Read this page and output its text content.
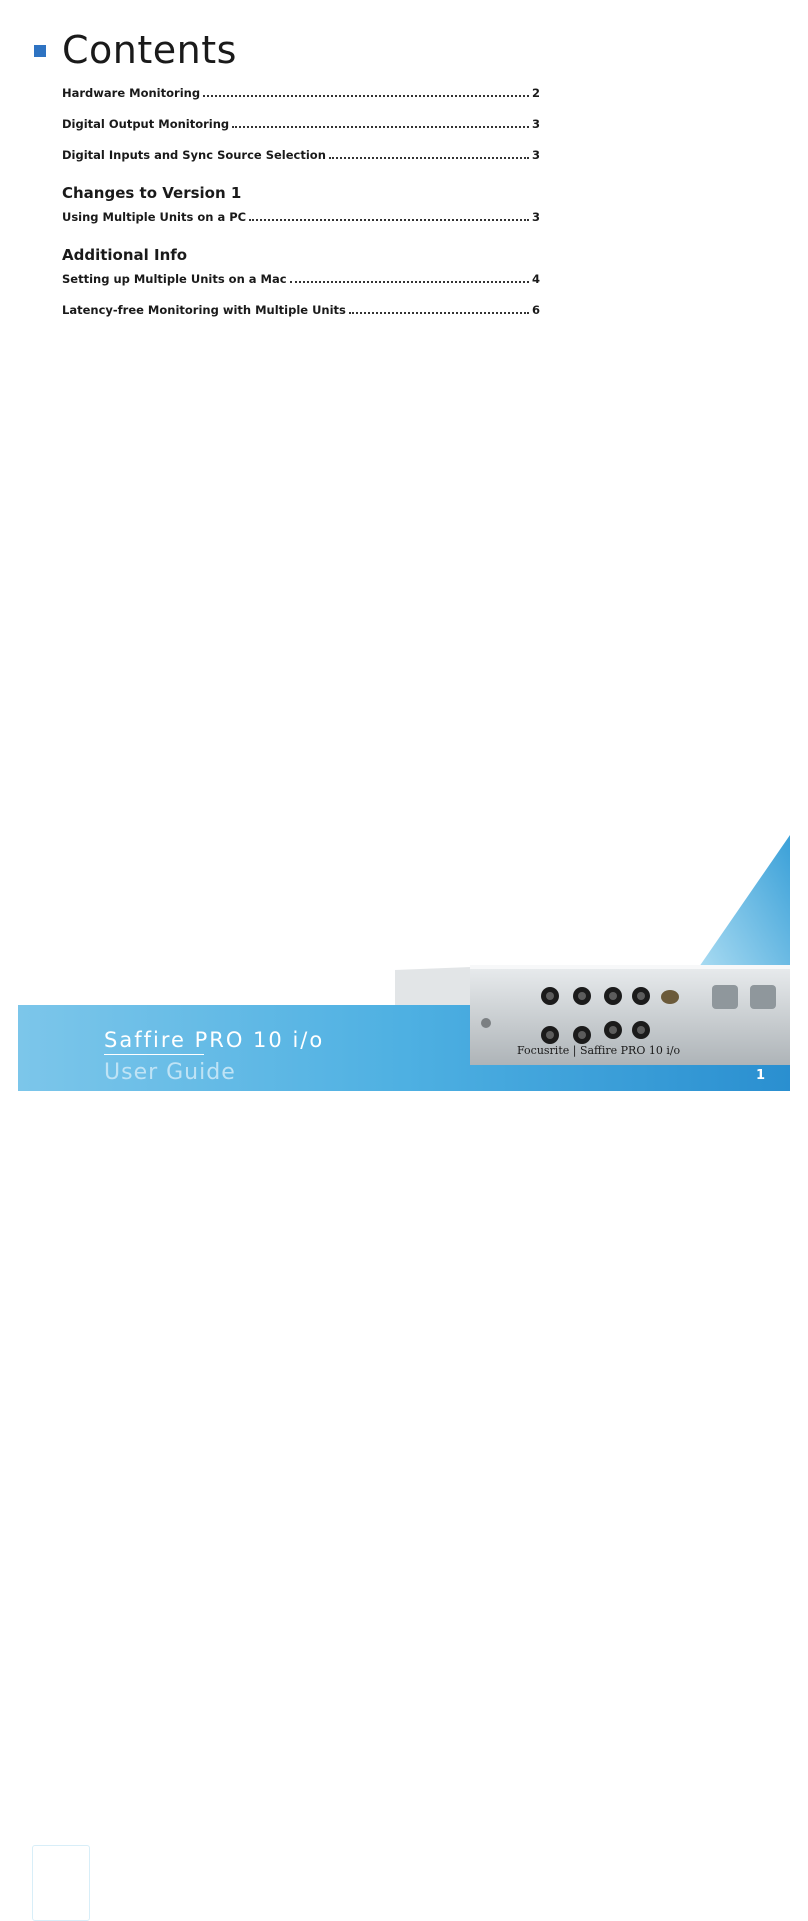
Contents
Hardware Monitoring	2
Digital Output Monitoring	3
Digital Inputs and Sync Source Selection	3
Changes to Version 1
Using Multiple Units on a PC	3
Additional Info
Setting up Multiple Units on a Mac	4
Latency-free Monitoring with Multiple Units	6
Focusrite
S
Saffire
Saffire PRO 10 i/o
User Guide
Focusrite | Saffire PRO 10 i/o
1
